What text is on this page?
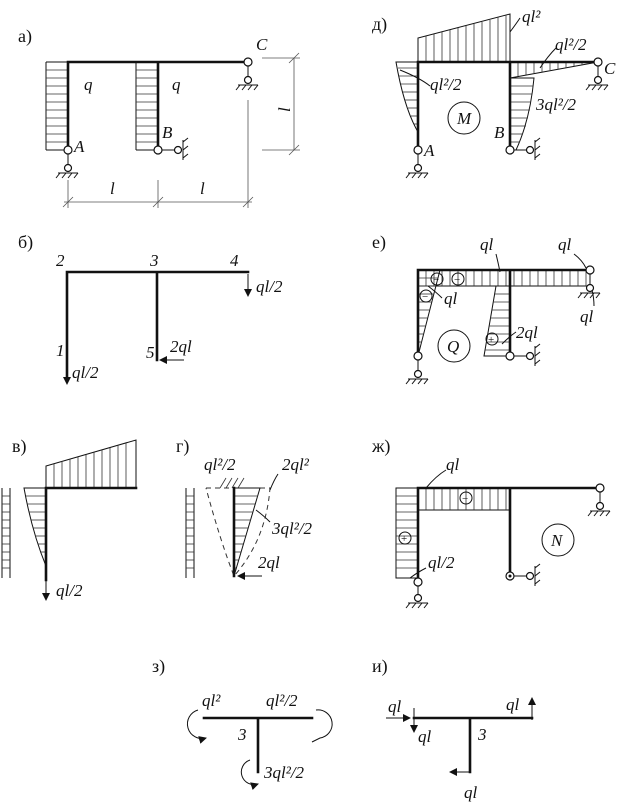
а)
q	q
A
B
C
l
l	l
д)	ql²
ql²/2
ql²/2
3ql²/2
M
A
B
C
б)
2	3	4
1	5
ql/2
ql/2
2ql
е)
− −
−
+
ql	ql
ql
ql
2ql
Q
в)
ql/2
г)
ql²/2	2ql²
3ql²/2
2ql
ж)
−
+
ql
ql/2
N
з)
ql²	ql²/2
3ql²/2
3
и)
ql
ql
ql
ql
3
